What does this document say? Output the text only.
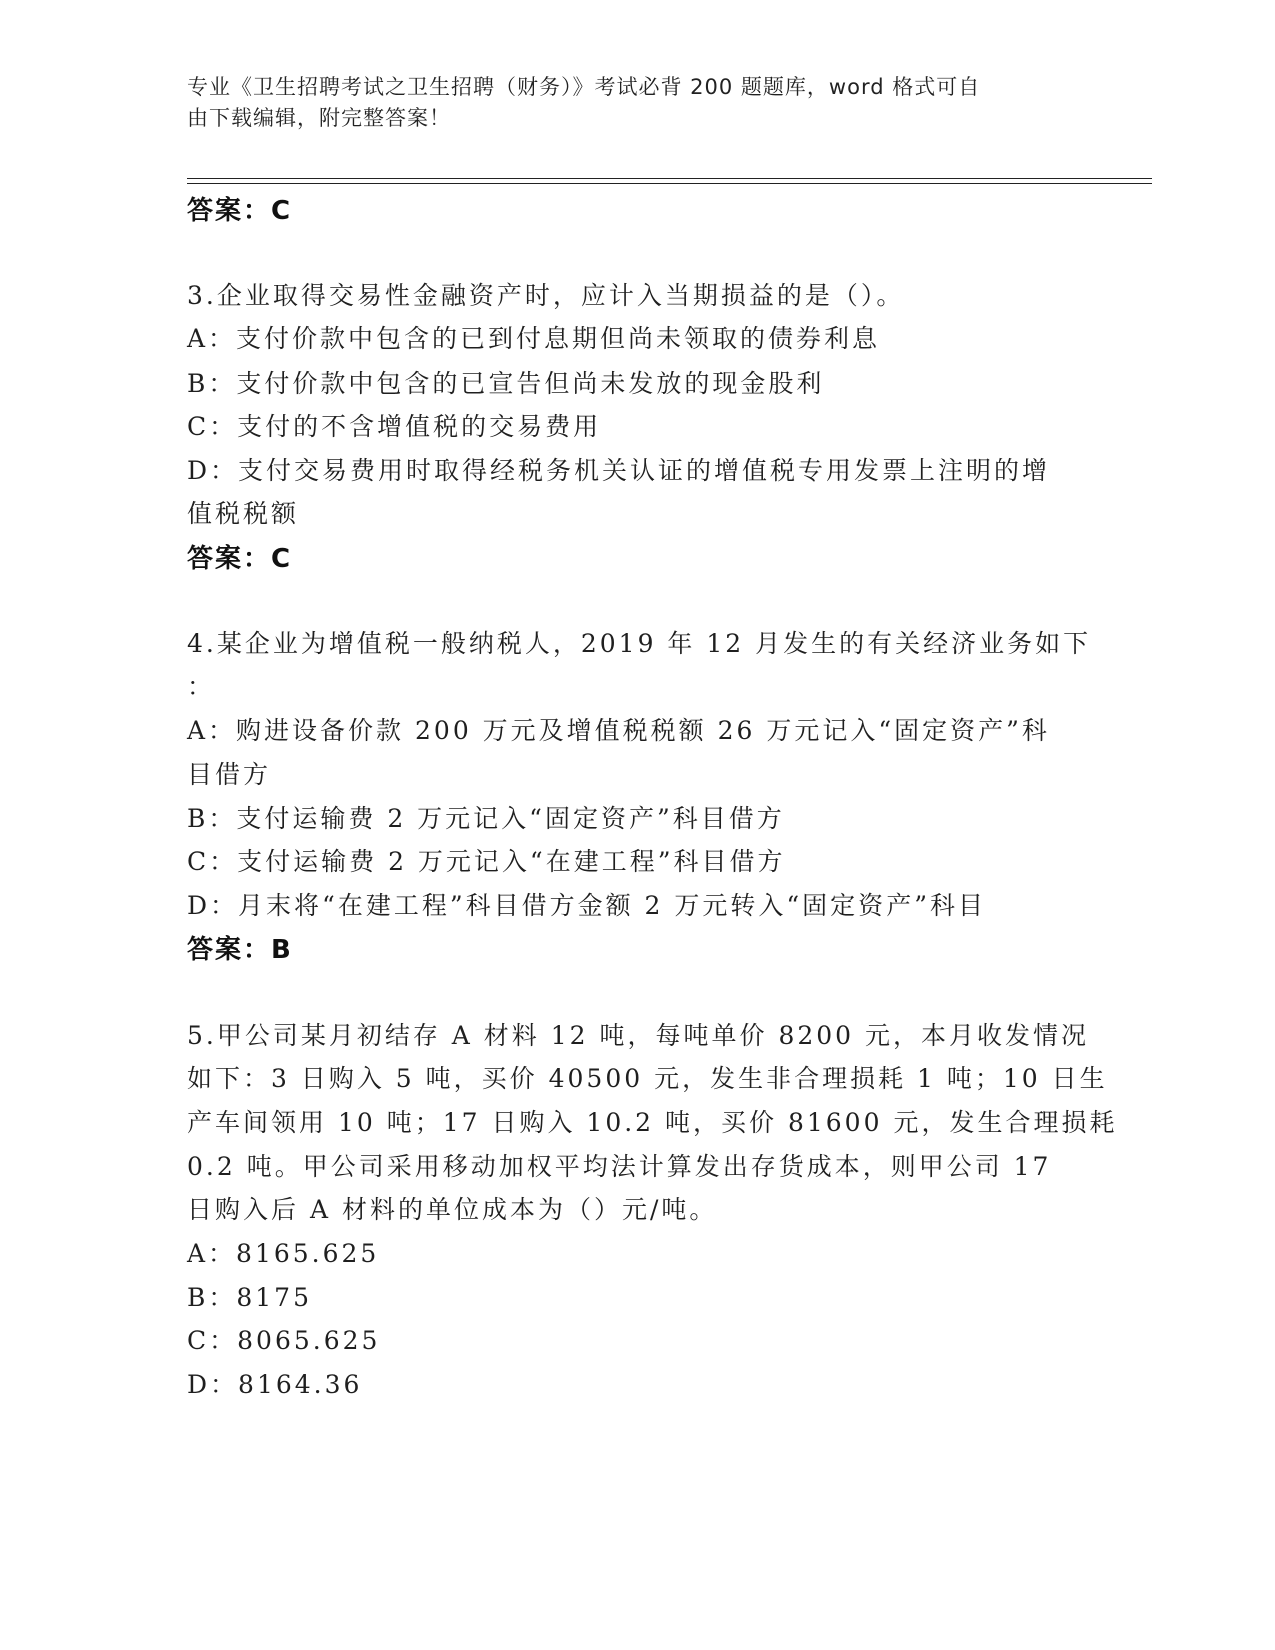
专业《卫生招聘考试之卫生招聘（财务）》考试必背 200 题题库，word 格式可自
由下载编辑，附完整答案！
答案：C
3.企业取得交易性金融资产时，应计入当期损益的是（）。
A：支付价款中包含的已到付息期但尚未领取的债券利息
B：支付价款中包含的已宣告但尚未发放的现金股利
C：支付的不含增值税的交易费用
D：支付交易费用时取得经税务机关认证的增值税专用发票上注明的增
值税税额
答案：C
4.某企业为增值税一般纳税人，2019 年 12 月发生的有关经济业务如下
：
A：购进设备价款 200 万元及增值税税额 26 万元记入“固定资产”科
目借方
B：支付运输费 2 万元记入“固定资产”科目借方
C：支付运输费 2 万元记入“在建工程”科目借方
D：月末将“在建工程”科目借方金额 2 万元转入“固定资产”科目
答案：B
5.甲公司某月初结存 A 材料 12 吨，每吨单价 8200 元，本月收发情况
如下：3 日购入 5 吨，买价 40500 元，发生非合理损耗 1 吨；10 日生
产车间领用 10 吨；17 日购入 10.2 吨，买价 81600 元，发生合理损耗
0.2 吨。甲公司采用移动加权平均法计算发出存货成本，则甲公司 17
日购入后 A 材料的单位成本为（）元/吨。
A：8165.625
B：8175
C：8065.625
D：8164.36
